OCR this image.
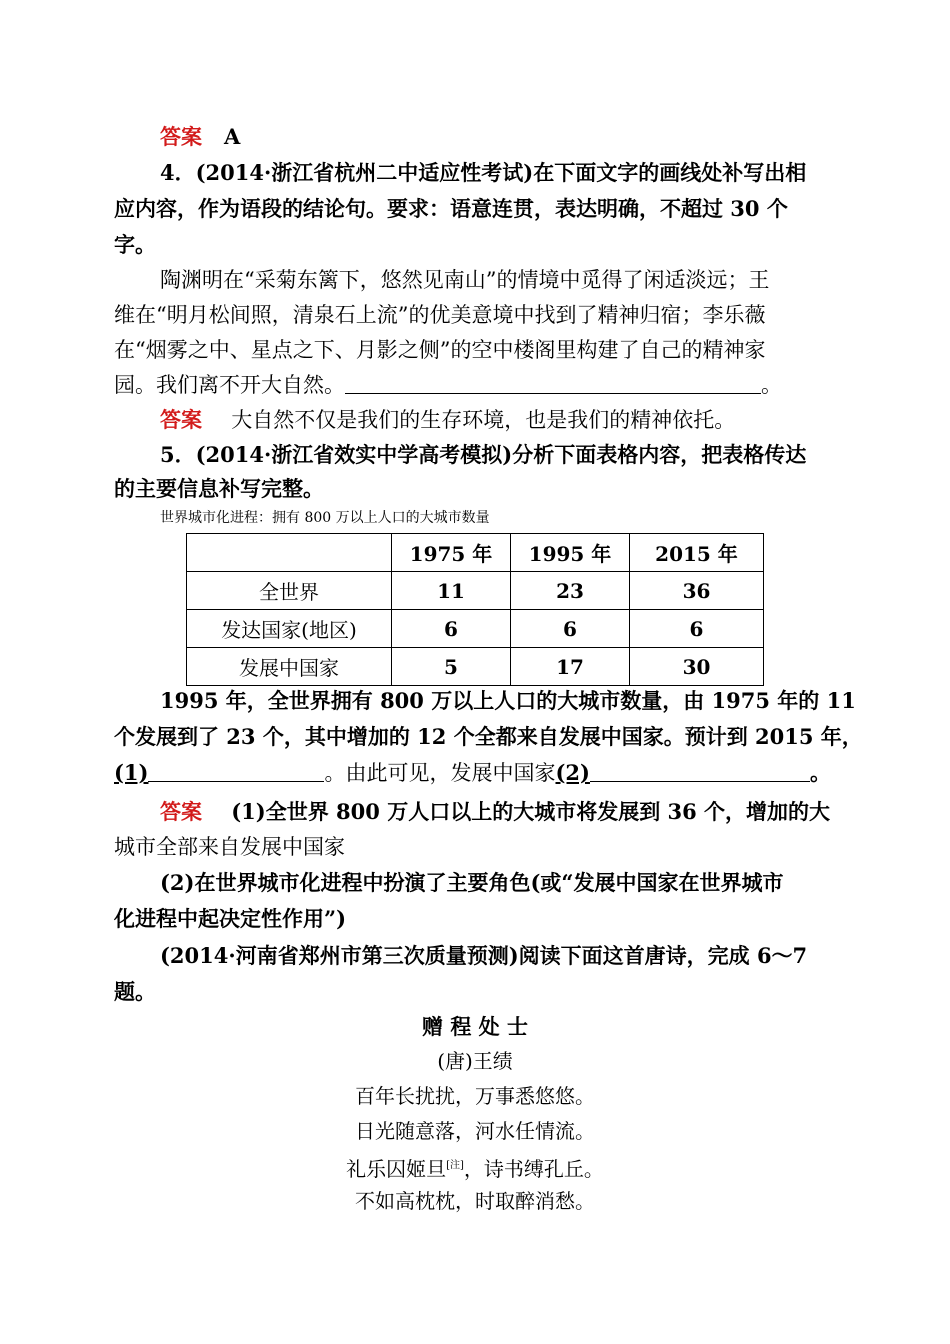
答案 A
4．(2014·浙江省杭州二中适应性考试)在下面文字的画线处补写出相
应内容，作为语段的结论句。要求：语意连贯，表达明确，不超过 30 个
字。
陶渊明在“采菊东篱下，悠然见南山”的情境中觅得了闲适淡远；王
维在“明月松间照，清泉石上流”的优美意境中找到了精神归宿；李乐薇
在“烟雾之中、星点之下、月影之侧”的空中楼阁里构建了自己的精神家
园。我们离不开大自然。	。
答案 大自然不仅是我们的生存环境，也是我们的精神依托。
5．(2014·浙江省效实中学高考模拟)分析下面表格内容，把表格传达
的主要信息补写完整。
世界城市化进程：拥有 800 万以上人口的大城市数量
	1975 年	1995 年	2015 年
全世界	11	23	36
发达国家(地区)	6	6	6
发展中国家	5	17	30
1995 年，全世界拥有 800 万以上人口的大城市数量，由 1975 年的 11
个发展到了 23 个，其中增加的 12 个全都来自发展中国家。预计到 2015 年，
(1)	。由此可见，发展中国家(2)	。
答案 (1)全世界 800 万人口以上的大城市将发展到 36 个，增加的大
城市全部来自发展中国家
(2)在世界城市化进程中扮演了主要角色(或“发展中国家在世界城市
化进程中起决定性作用”)
(2014·河南省郑州市第三次质量预测)阅读下面这首唐诗，完成 6～7
题。
赠 程 处 士
(唐)王绩
百年长扰扰，万事悉悠悠。
日光随意落，河水任情流。
礼乐囚姬旦[注]，诗书缚孔丘。
不如高枕枕，时取醉消愁。
